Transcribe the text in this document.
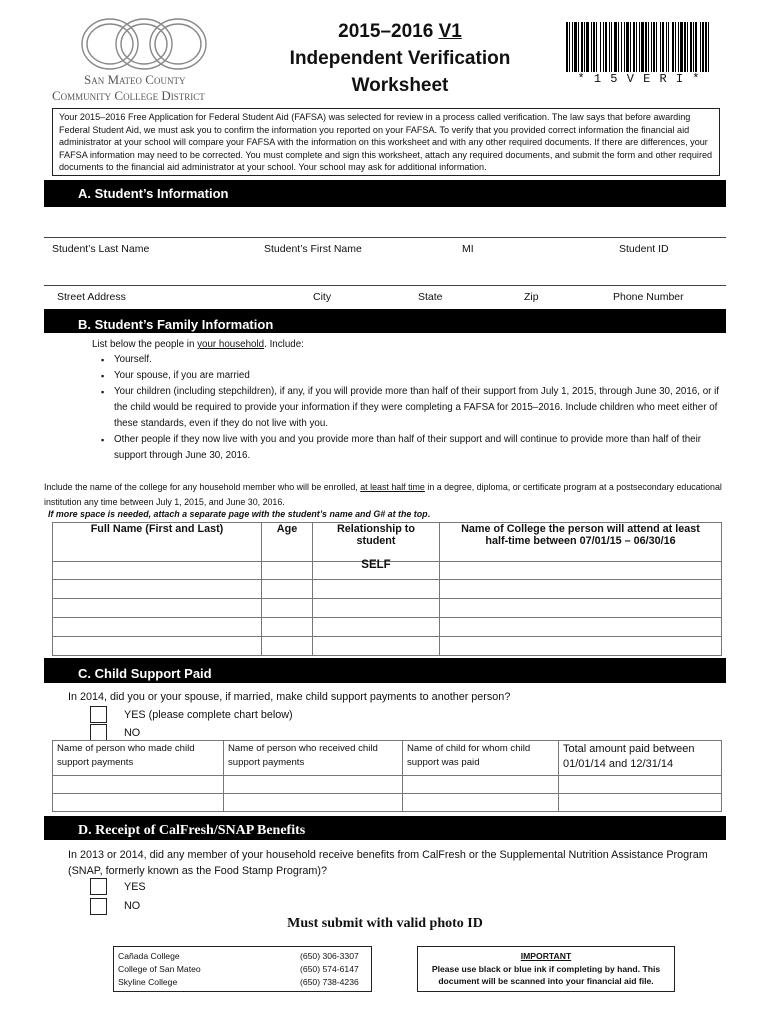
San Mateo County
Community College District
2015–2016 V1
Independent Verification
Worksheet	* 1 5 V E R I *
Your 2015–2016 Free Application for Federal Student Aid (FAFSA) was selected for review in a process called verification. The law says that before awarding Federal Student Aid, we must ask you to confirm the information you reported on your FAFSA. To verify that you provided correct information the financial aid administrator at your school will compare your FAFSA with the information on this worksheet and with any other required documents. If there are differences, your FAFSA information may need to be corrected. You must complete and sign this worksheet, attach any required documents, and submit the form and other required documents to the financial aid administrator at your school. Your school may ask for additional information.
A. Student’s Information
Student’s Last Name	Student’s First Name	MI	Student ID
Street Address	City	State	Zip	Phone Number
B. Student’s Family Information
List below the people in your household. Include:
▪ Yourself.
▪ Your spouse, if you are married
▪ Your children (including stepchildren), if any, if you will provide more than half of their support from July 1, 2015, through June 30, 2016, or if the child would be required to provide your information if they were completing a FAFSA for 2015–2016. Include children who meet either of these standards, even if they do not live with you.
▪ Other people if they now live with you and you provide more than half of their support and will continue to provide more than half of their support through June 30, 2016.
Include the name of the college for any household member who will be enrolled, at least half time in a degree, diploma, or certificate program at a postsecondary educational institution any time between July 1, 2015, and June 30, 2016.
If more space is needed, attach a separate page with the student’s name and G# at the top.
Full Name (First and Last)	Age	Relationship to student	Name of College the person will attend at least half-time between 07/01/15 – 06/30/16
		SELF	

C. Child Support Paid
In 2014, did you or your spouse, if married, make child support payments to another person?
YES (please complete chart below)
NO
Name of person who made child support payments	Name of person who received child support payments	Name of child for whom child support was paid	Total amount paid between 01/01/14 and 12/31/14

D. Receipt of CalFresh/SNAP Benefits
In 2013 or 2014, did any member of your household receive benefits from CalFresh or the Supplemental Nutrition Assistance Program (SNAP, formerly known as the Food Stamp Program)?
YES
NO
Must submit with valid photo ID
Cañada College	(650) 306-3307
College of San Mateo	(650) 574-6147
Skyline College	(650) 738-4236
IMPORTANT
Please use black or blue ink if completing by hand. This document will be scanned into your financial aid file.
